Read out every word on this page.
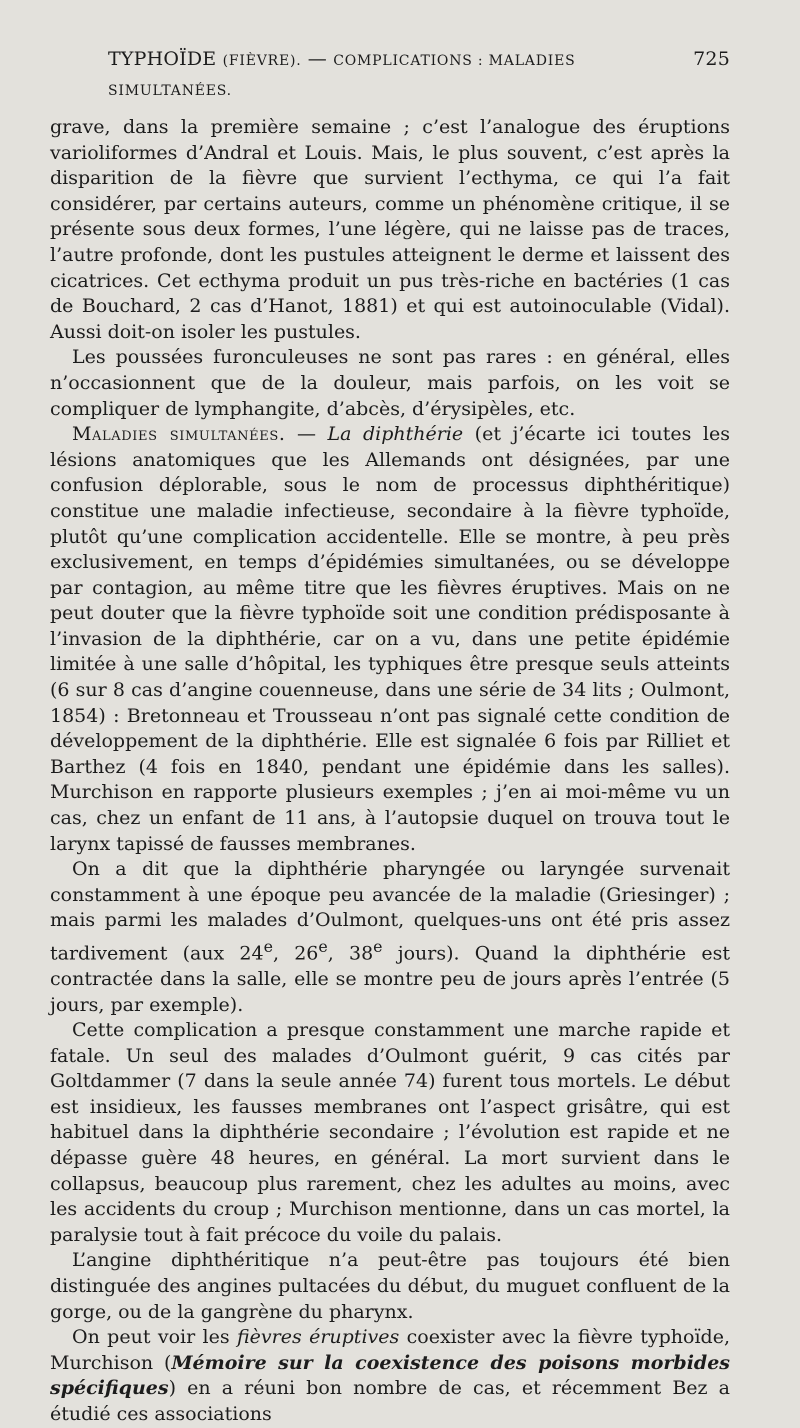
TYPHOÏDE (FIÈVRE). — COMPLICATIONS : MALADIES SIMULTANÉES.
725

grave, dans la première semaine ; c’est l’analogue des éruptions varioliformes d’Andral et Louis. Mais, le plus souvent, c’est après la disparition de la fièvre que survient l’ecthyma, ce qui l’a fait considérer, par certains auteurs, comme un phénomène critique, il se présente sous deux formes, l’une légère, qui ne laisse pas de traces, l’autre profonde, dont les pustules atteignent le derme et laissent des cicatrices. Cet ecthyma produit un pus très-riche en bactéries (1 cas de Bouchard, 2 cas d’Hanot, 1881) et qui est autoinoculable (Vidal). Aussi doit-on isoler les pustules.

Les poussées furonculeuses ne sont pas rares : en général, elles n’occasionnent que de la douleur, mais parfois, on les voit se compliquer de lymphangite, d’abcès, d’érysipèles, etc.

Maladies simultanées. — La diphthérie (et j’écarte ici toutes les lésions anatomiques que les Allemands ont désignées, par une confusion déplorable, sous le nom de processus diphthéritique) constitue une maladie infectieuse, secondaire à la fièvre typhoïde, plutôt qu’une complication accidentelle. Elle se montre, à peu près exclusivement, en temps d’épidémies simultanées, ou se développe par contagion, au même titre que les fièvres éruptives. Mais on ne peut douter que la fièvre typhoïde soit une condition prédisposante à l’invasion de la diphthérie, car on a vu, dans une petite épidémie limitée à une salle d’hôpital, les typhiques être presque seuls atteints (6 sur 8 cas d’angine couenneuse, dans une série de 34 lits ; Oulmont, 1854) : Bretonneau et Trousseau n’ont pas signalé cette condition de développement de la diphthérie. Elle est signalée 6 fois par Rilliet et Barthez (4 fois en 1840, pendant une épidémie dans les salles). Murchison en rapporte plusieurs exemples ; j’en ai moi-même vu un cas, chez un enfant de 11 ans, à l’autopsie duquel on trouva tout le larynx tapissé de fausses membranes.

On a dit que la diphthérie pharyngée ou laryngée survenait constamment à une époque peu avancée de la maladie (Griesinger) ; mais parmi les malades d’Oulmont, quelques-uns ont été pris assez tardivement (aux 24e, 26e, 38e jours). Quand la diphthérie est contractée dans la salle, elle se montre peu de jours après l’entrée (5 jours, par exemple).

Cette complication a presque constamment une marche rapide et fatale. Un seul des malades d’Oulmont guérit, 9 cas cités par Goltdammer (7 dans la seule année 74) furent tous mortels. Le début est insidieux, les fausses membranes ont l’aspect grisâtre, qui est habituel dans la diphthérie secondaire ; l’évolution est rapide et ne dépasse guère 48 heures, en général. La mort survient dans le collapsus, beaucoup plus rarement, chez les adultes au moins, avec les accidents du croup ; Murchison mentionne, dans un cas mortel, la paralysie tout à fait précoce du voile du palais.

L’angine diphthéritique n’a peut-être pas toujours été bien distinguée des angines pultacées du début, du muguet confluent de la gorge, ou de la gangrène du pharynx.

On peut voir les fièvres éruptives coexister avec la fièvre typhoïde, Murchison (Mémoire sur la coexistence des poisons morbides spécifiques) en a réuni bon nombre de cas, et récemment Bez a étudié ces associations
